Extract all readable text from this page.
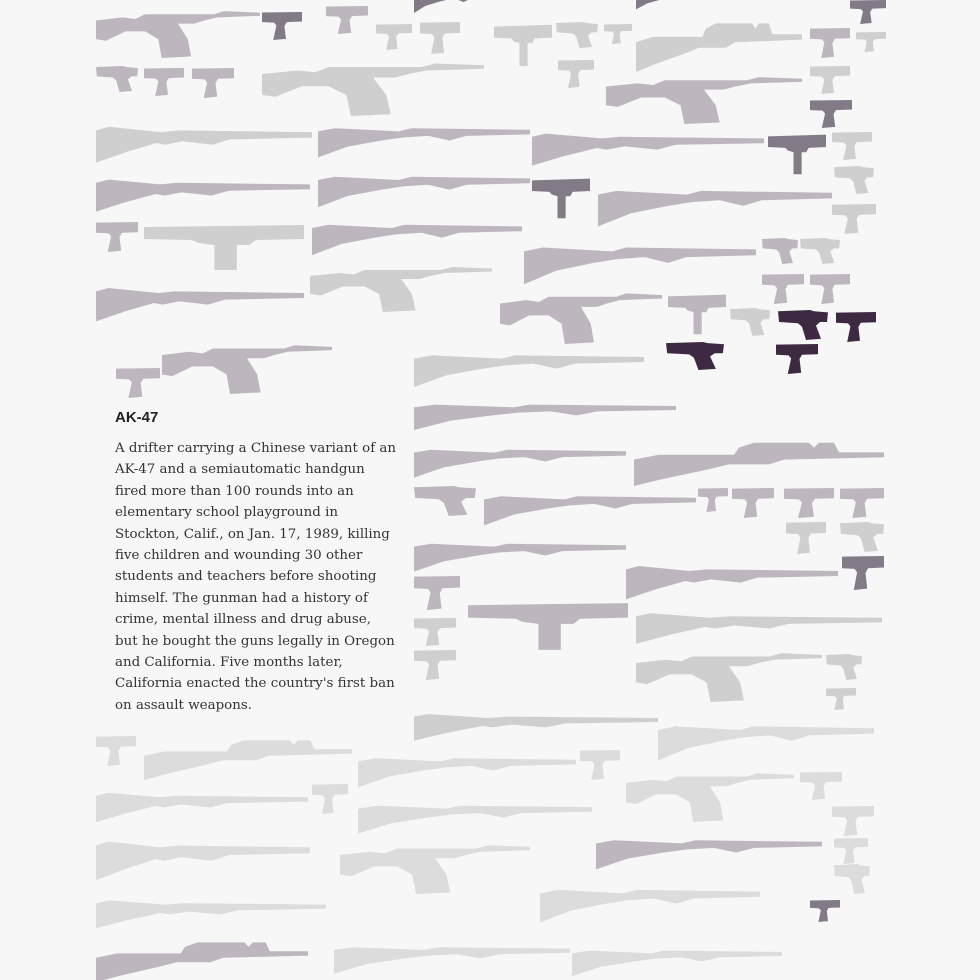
AK-47

A drifter carrying a Chinese variant of an AK-47 and a semiautomatic handgun fired more than 100 rounds into an elementary school playground in Stockton, Calif., on Jan. 17, 1989, killing five children and wounding 30 other students and teachers before shooting himself. The gunman had a history of crime, mental illness and drug abuse, but he bought the guns legally in Oregon and California. Five months later, California enacted the country's first ban on assault weapons.
